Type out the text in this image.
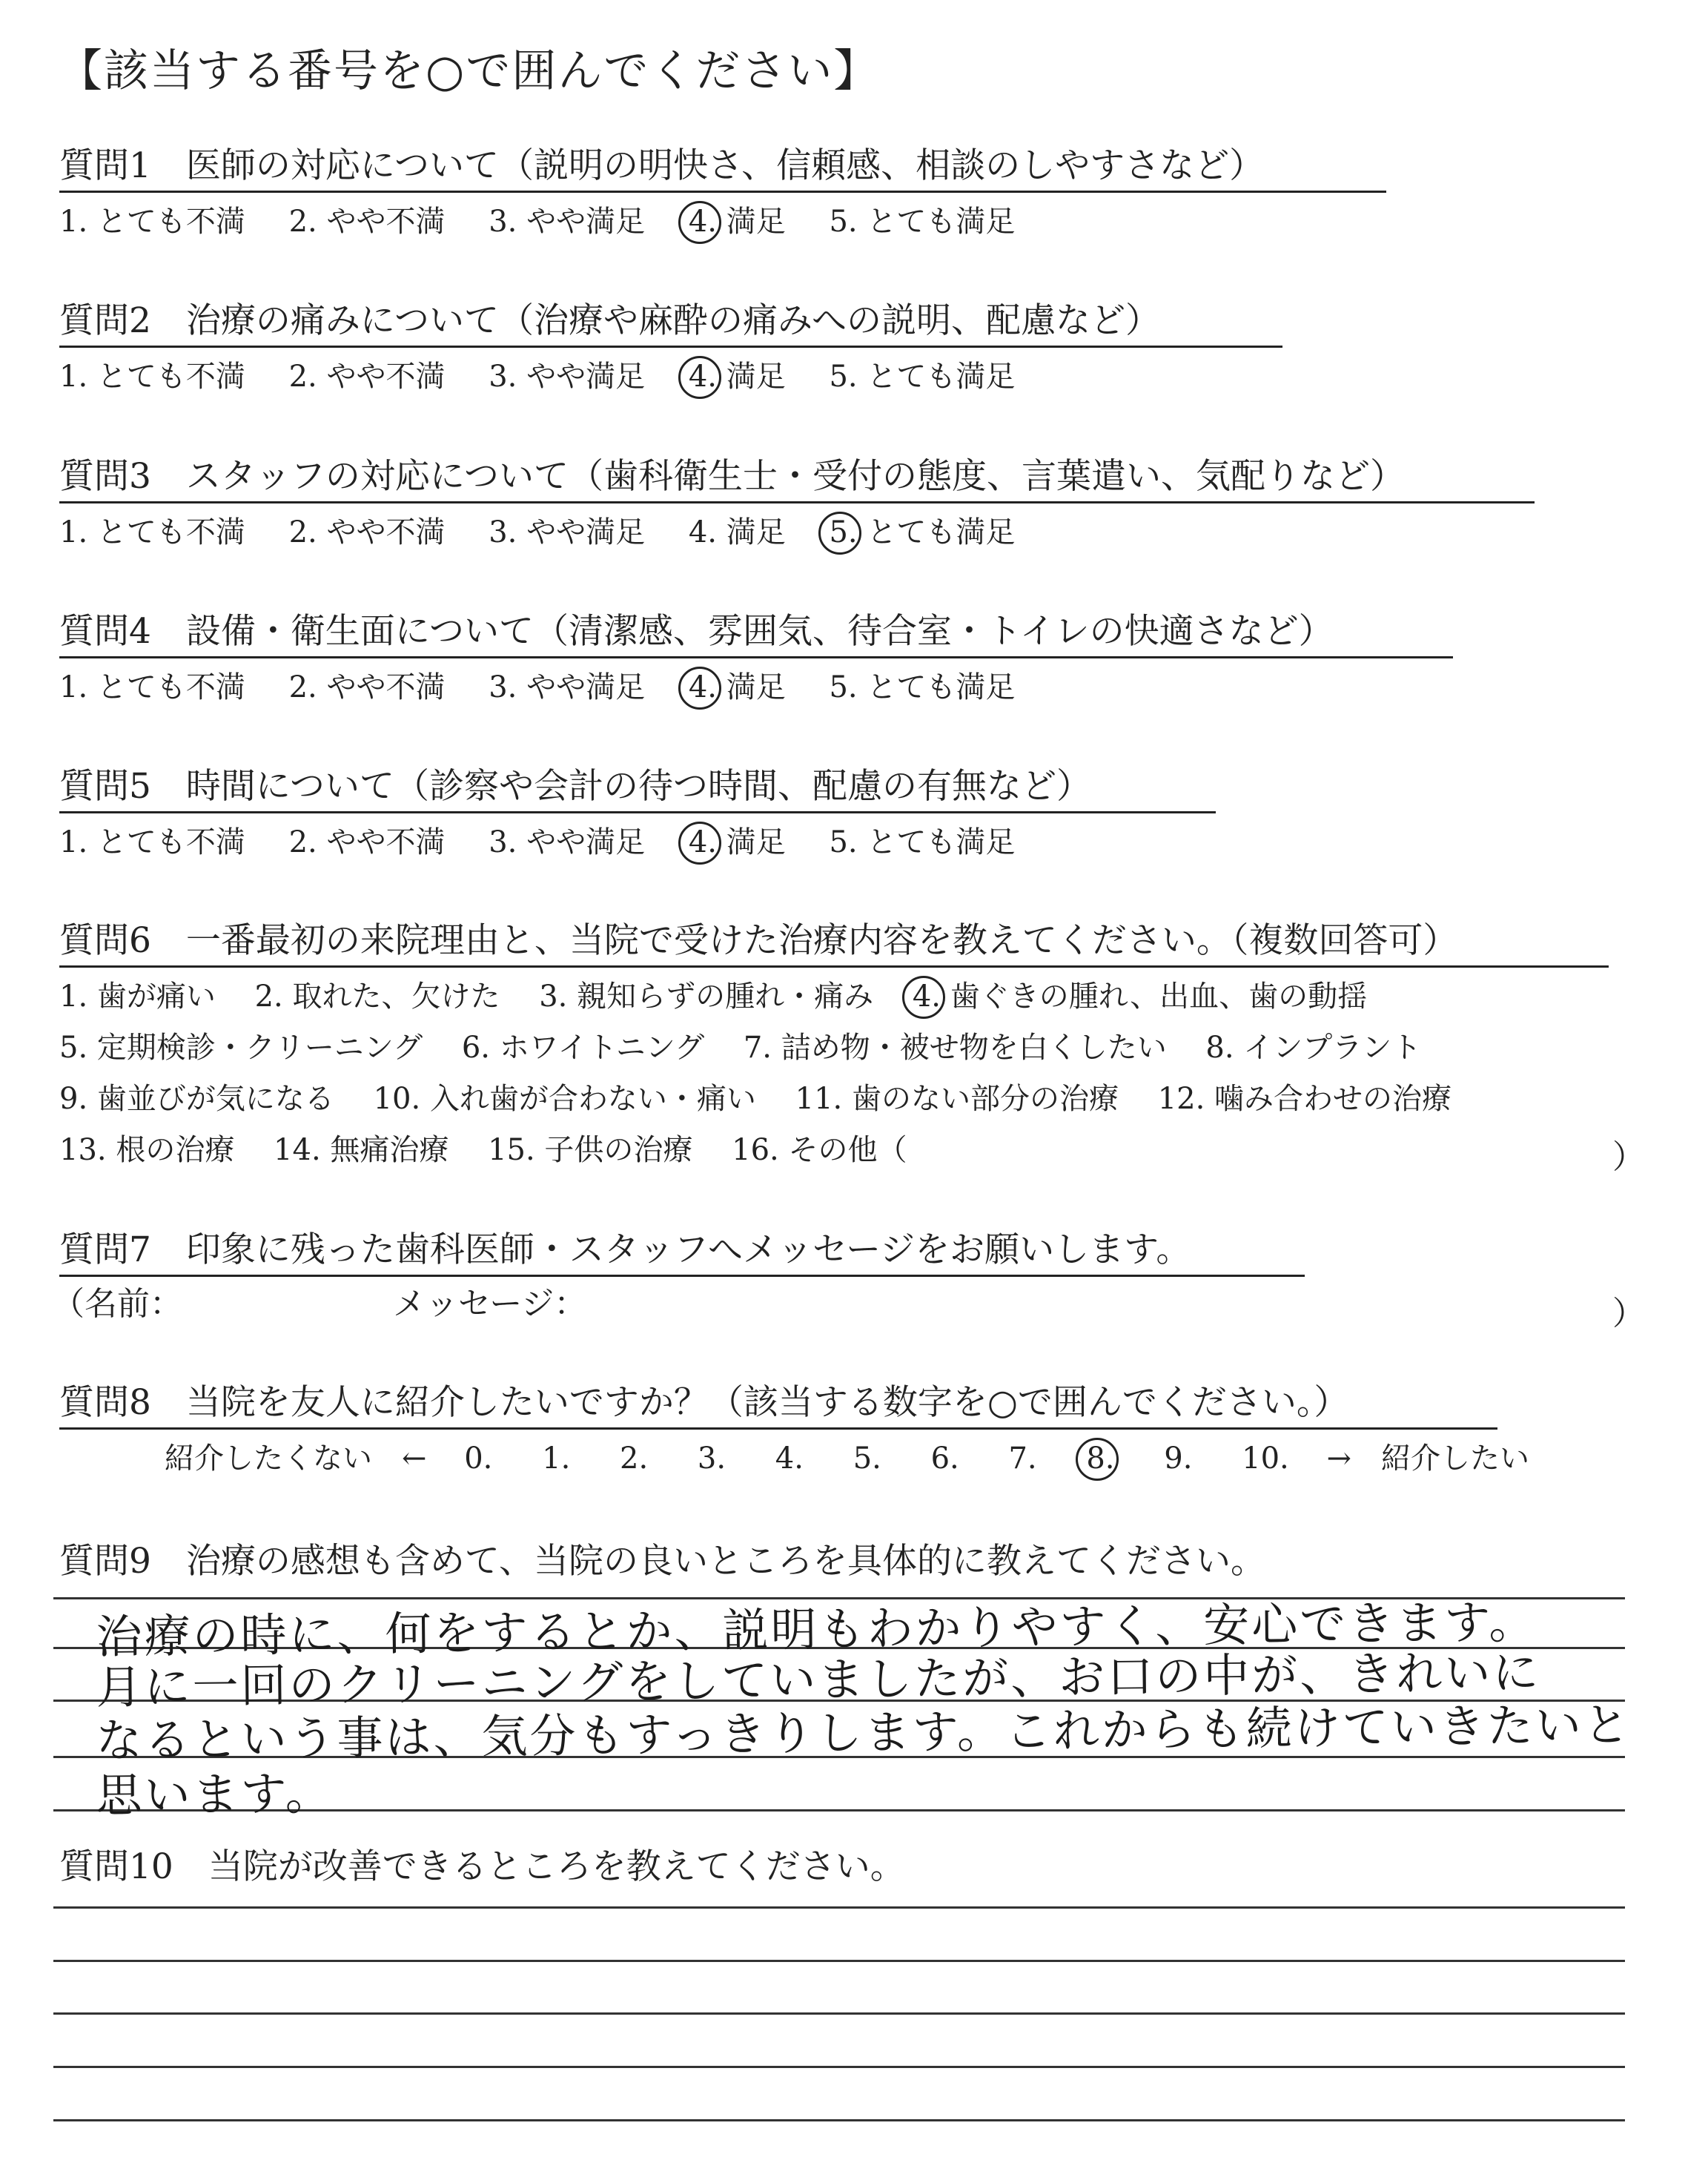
【該当する番号を○で囲んでください】
質問1　医師の対応について（説明の明快さ、信頼感、相談のしやすさなど）
1. とても不満 2. やや不満 3. やや満足 4. 満足 5. とても満足
質問2　治療の痛みについて（治療や麻酔の痛みへの説明、配慮など）
1. とても不満 2. やや不満 3. やや満足 4. 満足 5. とても満足
質問3　スタッフの対応について（歯科衛生士・受付の態度、言葉遣い、気配りなど）
1. とても不満 2. やや不満 3. やや満足 4. 満足 5. とても満足
質問4　設備・衛生面について（清潔感、雰囲気、待合室・トイレの快適さなど）
1. とても不満 2. やや不満 3. やや満足 4. 満足 5. とても満足
質問5　時間について（診察や会計の待つ時間、配慮の有無など）
1. とても不満 2. やや不満 3. やや満足 4. 満足 5. とても満足
質問6　一番最初の来院理由と、当院で受けた治療内容を教えてください。（複数回答可）
1. 歯が痛い 2. 取れた、欠けた 3. 親知らずの腫れ・痛み 4. 歯ぐきの腫れ、出血、歯の動揺
5. 定期検診・クリーニング 6. ホワイトニング 7. 詰め物・被せ物を白くしたい 8. インプラント
9. 歯並びが気になる 10. 入れ歯が合わない・痛い 11. 歯のない部分の治療 12. 噛み合わせの治療
13. 根の治療 14. 無痛治療 15. 子供の治療 16. その他（	）
質問7　印象に残った歯科医師・スタッフへメッセージをお願いします。
（名前：	メッセージ：	）
質問8　当院を友人に紹介したいですか？（該当する数字を○で囲んでください。）
紹介したくない　← 0. 1. 2. 3. 4. 5. 6. 7. 8. 9. 10. →　紹介したい
質問9　治療の感想も含めて、当院の良いところを具体的に教えてください。
治療の時に、何をするとか、説明もわかりやすく、安心できます。
月に一回のクリーニングをしていましたが、お口の中が、きれいに
なるという事は、気分もすっきりします。これからも続けていきたいと
思います。
質問10　当院が改善できるところを教えてください。
